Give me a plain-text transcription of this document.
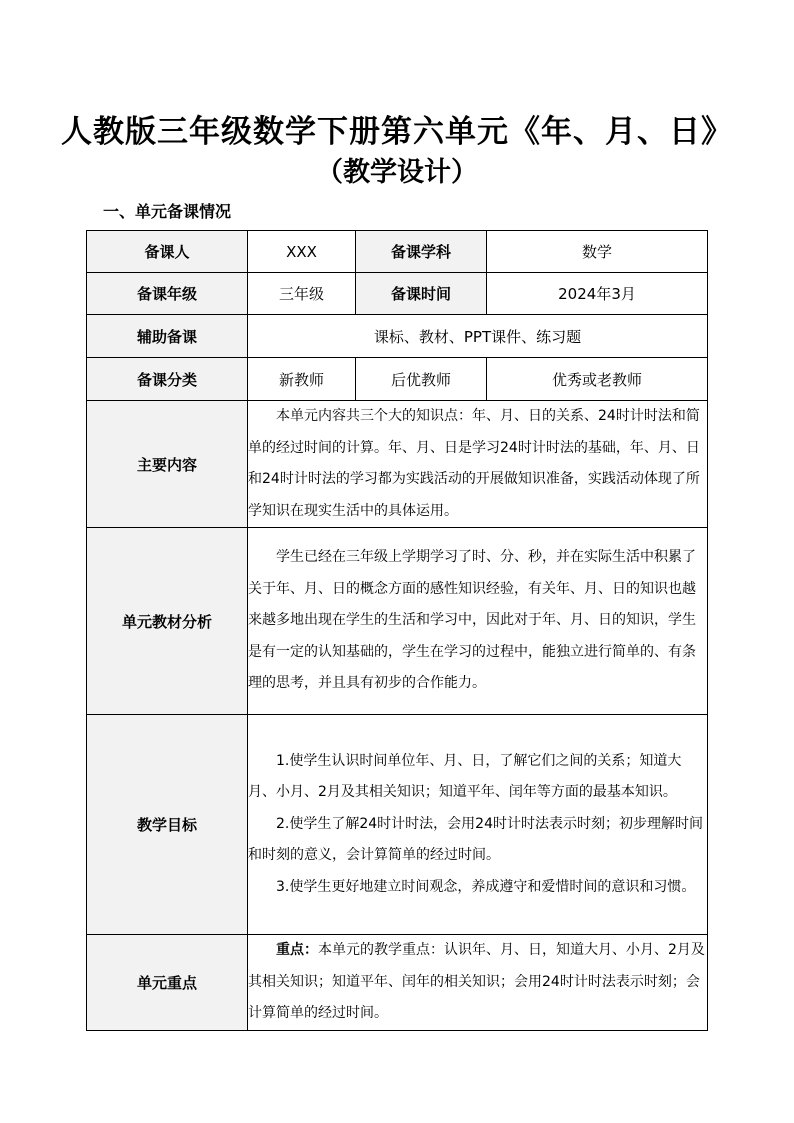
人教版三年级数学下册第六单元《年、月、日》
（教学设计）
一、单元备课情况
备课人	XXX	备课学科	数学
备课年级	三年级	备课时间	2024年3月
辅助备课	课标、教材、PPT课件、练习题		
备课分类	新教师	后优教师	优秀或老教师
主要内容	本单元内容共三个大的知识点：年、月、日的关系、24时计时法和简单的经过时间的计算。年、月、日是学习24时计时法的基础，年、月、日和24时计时法的学习都为实践活动的开展做知识准备，实践活动体现了所学知识在现实生活中的具体运用。		

单元教材分析	学生已经在三年级上学期学习了时、分、秒，并在实际生活中积累了关于年、月、日的概念方面的感性知识经验，有关年、月、日的知识也越来越多地出现在学生的生活和学习中，因此对于年、月、日的知识，学生是有一定的认知基础的，学生在学习的过程中，能独立进行简单的、有条理的思考，并且具有初步的合作能力。		

教学目标	1.使学生认识时间单位年、月、日，了解它们之间的关系；知道大月、小月、2月及其相关知识；知道平年、闰年等方面的最基本知识。

2.使学生了解24时计时法，会用24时计时法表示时刻；初步理解时间和时刻的意义，会计算简单的经过时间。

3.使学生更好地建立时间观念，养成遵守和爱惜时间的意识和习惯。		

单元重点	重点：本单元的教学重点：认识年、月、日，知道大月、小月、2月及其相关知识；知道平年、闰年的相关知识；会用24时计时法表示时刻；会计算简单的经过时间。		
